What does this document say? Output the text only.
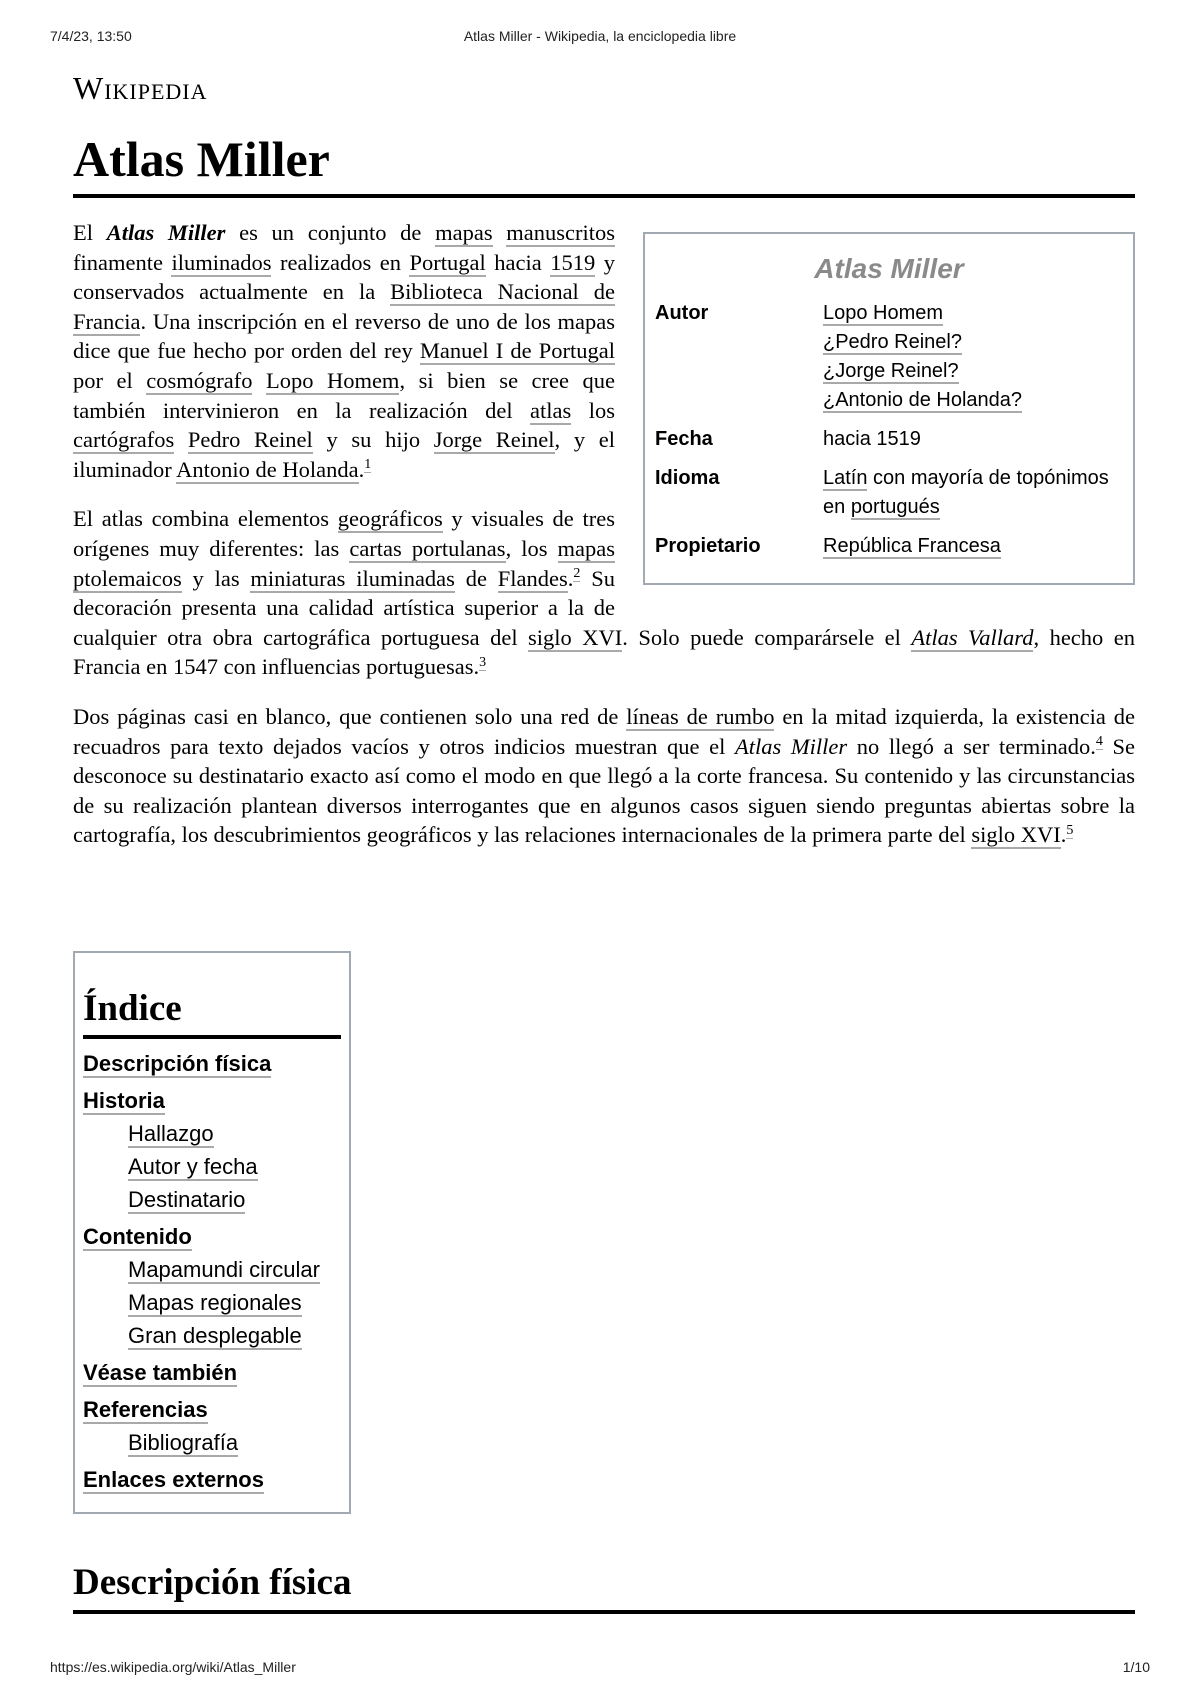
7/4/23, 13:50	Atlas Miller - Wikipedia, la enciclopedia libre
Wikipedia
Atlas Miller
Atlas Miller
Autor	Lopo Homem
¿Pedro Reinel?
¿Jorge Reinel?
¿Antonio de Holanda?
Fecha	hacia 1519
Idioma	Latín con mayoría de topónimos en portugués
Propietario	República Francesa

El Atlas Miller es un conjunto de mapas manuscritos finamente iluminados realizados en Portugal hacia 1519 y conservados actualmente en la Biblioteca Nacional de Francia. Una inscripción en el reverso de uno de los mapas dice que fue hecho por orden del rey Manuel I de Portugal por el cosmógrafo Lopo Homem, si bien se cree que también intervinieron en la realización del atlas los cartógrafos Pedro Reinel y su hijo Jorge Reinel, y el iluminador Antonio de Holanda.$^1$

El atlas combina elementos geográficos y visuales de tres orígenes muy diferentes: las cartas portulanas, los mapas ptolemaicos y las miniaturas iluminadas de Flandes.$^2$ Su decoración presenta una calidad artística superior a la de cualquier otra obra cartográfica portuguesa del siglo XVI. Solo puede comparársele el Atlas Vallard, hecho en Francia en 1547 con influencias portuguesas.$^3$

Dos páginas casi en blanco, que contienen solo una red de líneas de rumbo en la mitad izquierda, la existencia de recuadros para texto dejados vacíos y otros indicios muestran que el Atlas Miller no llegó a ser terminado.$^4$ Se desconoce su destinatario exacto así como el modo en que llegó a la corte francesa. Su contenido y las circunstancias de su realización plantean diversos interrogantes que en algunos casos siguen siendo preguntas abiertas sobre la cartografía, los descubrimientos geográficos y las relaciones internacionales de la primera parte del siglo XVI.$^5$

Índice
Descripción física
Historia
Hallazgo
Autor y fecha
Destinatario
Contenido
Mapamundi circular
Mapas regionales
Gran desplegable
Véase también
Referencias
Bibliografía
Enlaces externos
Descripción física
https://es.wikipedia.org/wiki/Atlas_Miller	1/10
